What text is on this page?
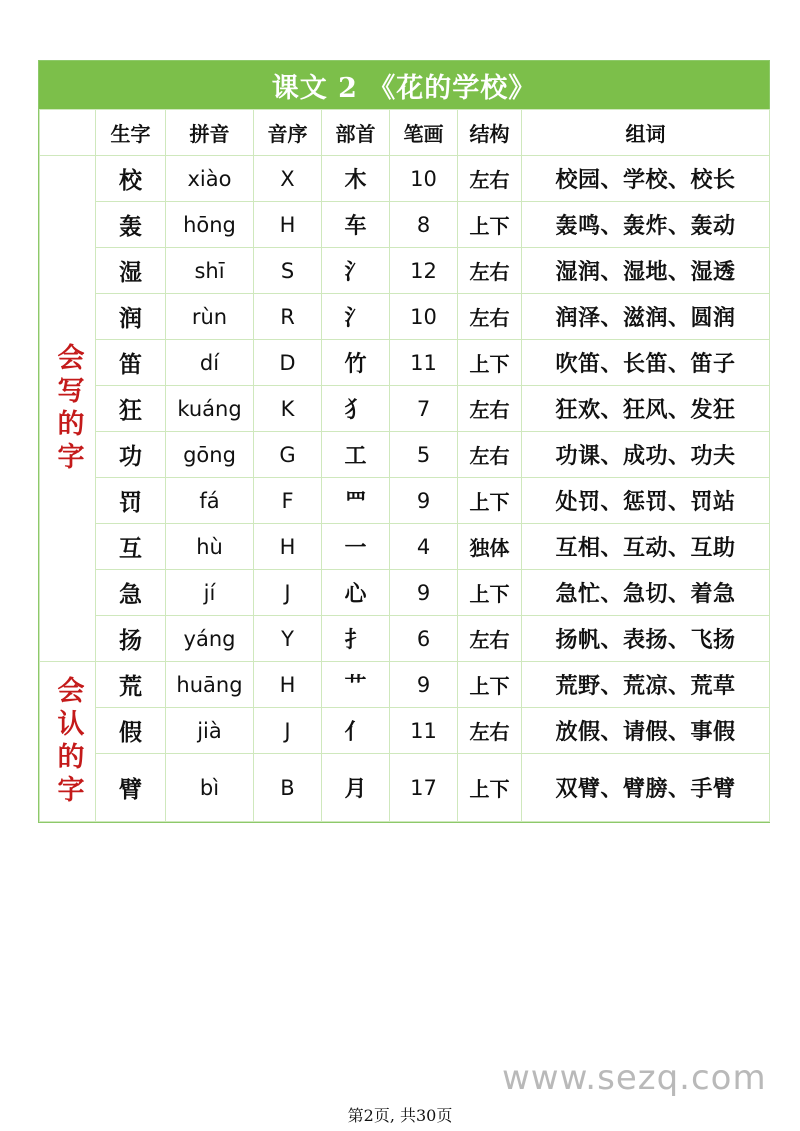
课文 2 《花的学校》
	生字	拼音	音序	部首	笔画	结构	组词
会写的字	校	xiào	X	木	10	左右	校园、学校、校长
	轰	hōng	H	车	8	上下	轰鸣、轰炸、轰动
	湿	shī	S	氵	12	左右	湿润、湿地、湿透
	润	rùn	R	氵	10	左右	润泽、滋润、圆润
	笛	dí	D	竹	11	上下	吹笛、长笛、笛子
	狂	kuáng	K	犭	7	左右	狂欢、狂风、发狂
	功	gōng	G	工	5	左右	功课、成功、功夫
	罚	fá	F	罒	9	上下	处罚、惩罚、罚站
	互	hù	H	一	4	独体	互相、互动、互助
	急	jí	J	心	9	上下	急忙、急切、着急
	扬	yáng	Y	扌	6	左右	扬帆、表扬、飞扬
会认的字	荒	huāng	H	艹	9	上下	荒野、荒凉、荒草
	假	jià	J	亻	11	左右	放假、请假、事假
	臂	bì	B	月	17	上下	双臂、臂膀、手臂
www.sezq.com
第2页, 共30页
